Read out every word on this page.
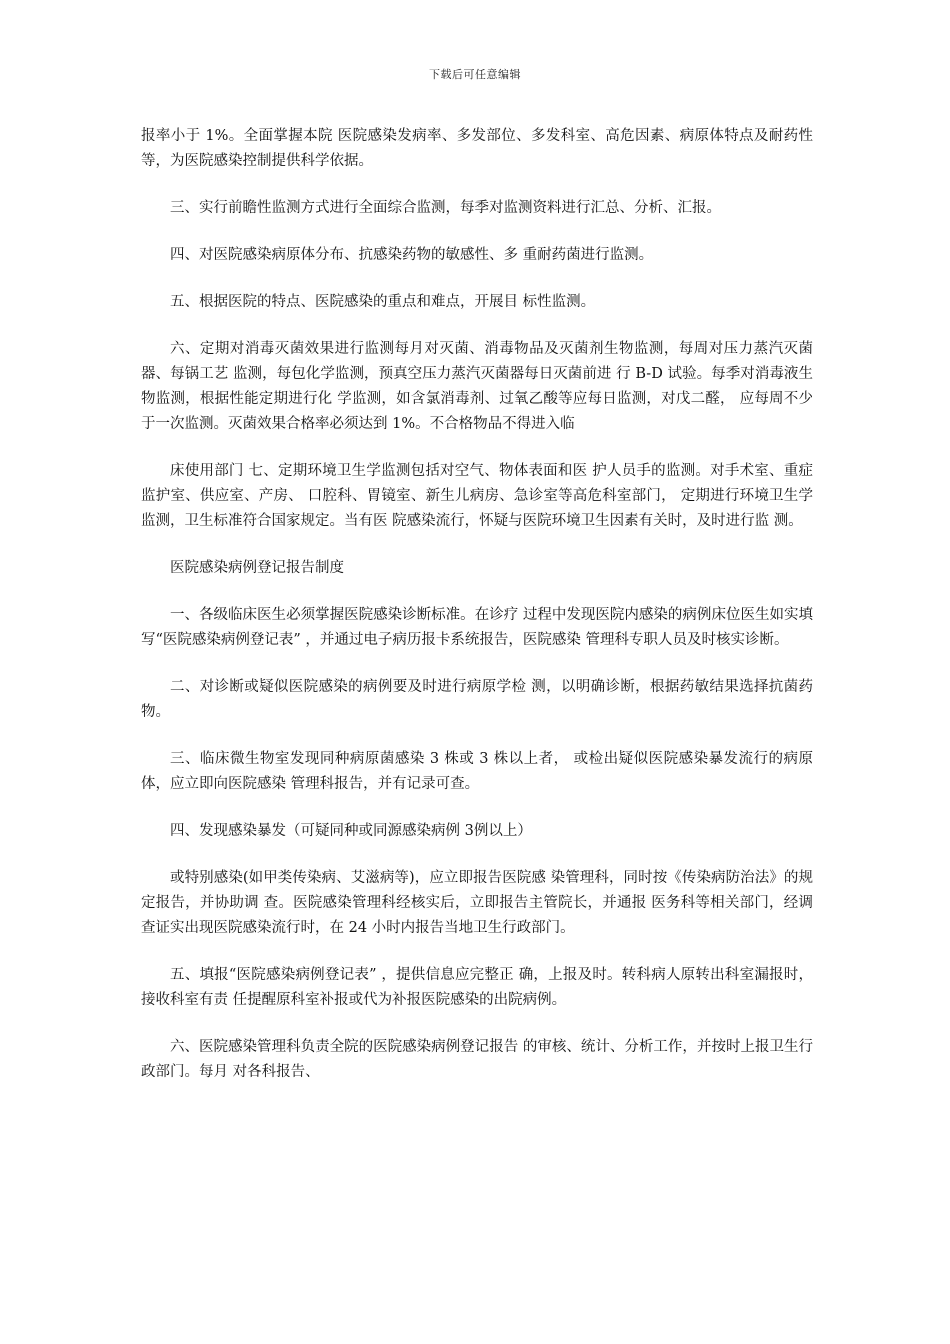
下载后可任意编辑

报率小于 1%。全面掌握本院 医院感染发病率、多发部位、多发科室、高危因素、病原体特点及耐药性等，为医院感染控制提供科学依据。

三、实行前瞻性监测方式进行全面综合监测，每季对监测资料进行汇总、分析、汇报。

四、对医院感染病原体分布、抗感染药物的敏感性、多 重耐药菌进行监测。

五、根据医院的特点、医院感染的重点和难点，开展目 标性监测。

六、定期对消毒灭菌效果进行监测每月对灭菌、消毒物品及灭菌剂生物监测，每周对压力蒸汽灭菌器、每锅工艺 监测，每包化学监测，预真空压力蒸汽灭菌器每日灭菌前进 行 B-D 试验。每季对消毒液生物监测，根据性能定期进行化 学监测，如含氯消毒剂、过氧乙酸等应每日监测，对戊二醛， 应每周不少于一次监测。灭菌效果合格率必须达到 1%。不合格物品不得进入临

床使用部门 七、定期环境卫生学监测包括对空气、物体表面和医 护人员手的监测。对手术室、重症监护室、供应室、产房、 口腔科、胃镜室、新生儿病房、急诊室等高危科室部门， 定期进行环境卫生学监测，卫生标准符合国家规定。当有医 院感染流行，怀疑与医院环境卫生因素有关时，及时进行监 测。

医院感染病例登记报告制度

一、各级临床医生必须掌握医院感染诊断标准。在诊疗 过程中发现医院内感染的病例床位医生如实填写“医院感染病例登记表” ，并通过电子病历报卡系统报告，医院感染 管理科专职人员及时核实诊断。

二、对诊断或疑似医院感染的病例要及时进行病原学检 测，以明确诊断，根据药敏结果选择抗菌药物。

三、临床微生物室发现同种病原菌感染 3 株或 3 株以上者， 或检出疑似医院感染暴发流行的病原体，应立即向医院感染 管理科报告，并有记录可查。

四、发现感染暴发（可疑同种或同源感染病例 3例以上）

或特别感染(如甲类传染病、艾滋病等)，应立即报告医院感 染管理科，同时按《传染病防治法》的规定报告，并协助调 查。医院感染管理科经核实后，立即报告主管院长，并通报 医务科等相关部门，经调查证实出现医院感染流行时，在 24 小时内报告当地卫生行政部门。

五、填报“医院感染病例登记表” ，提供信息应完整正 确，上报及时。转科病人原转出科室漏报时，接收科室有责 任提醒原科室补报或代为补报医院感染的出院病例。

六、医院感染管理科负责全院的医院感染病例登记报告 的审核、统计、分析工作，并按时上报卫生行政部门。每月 对各科报告、
